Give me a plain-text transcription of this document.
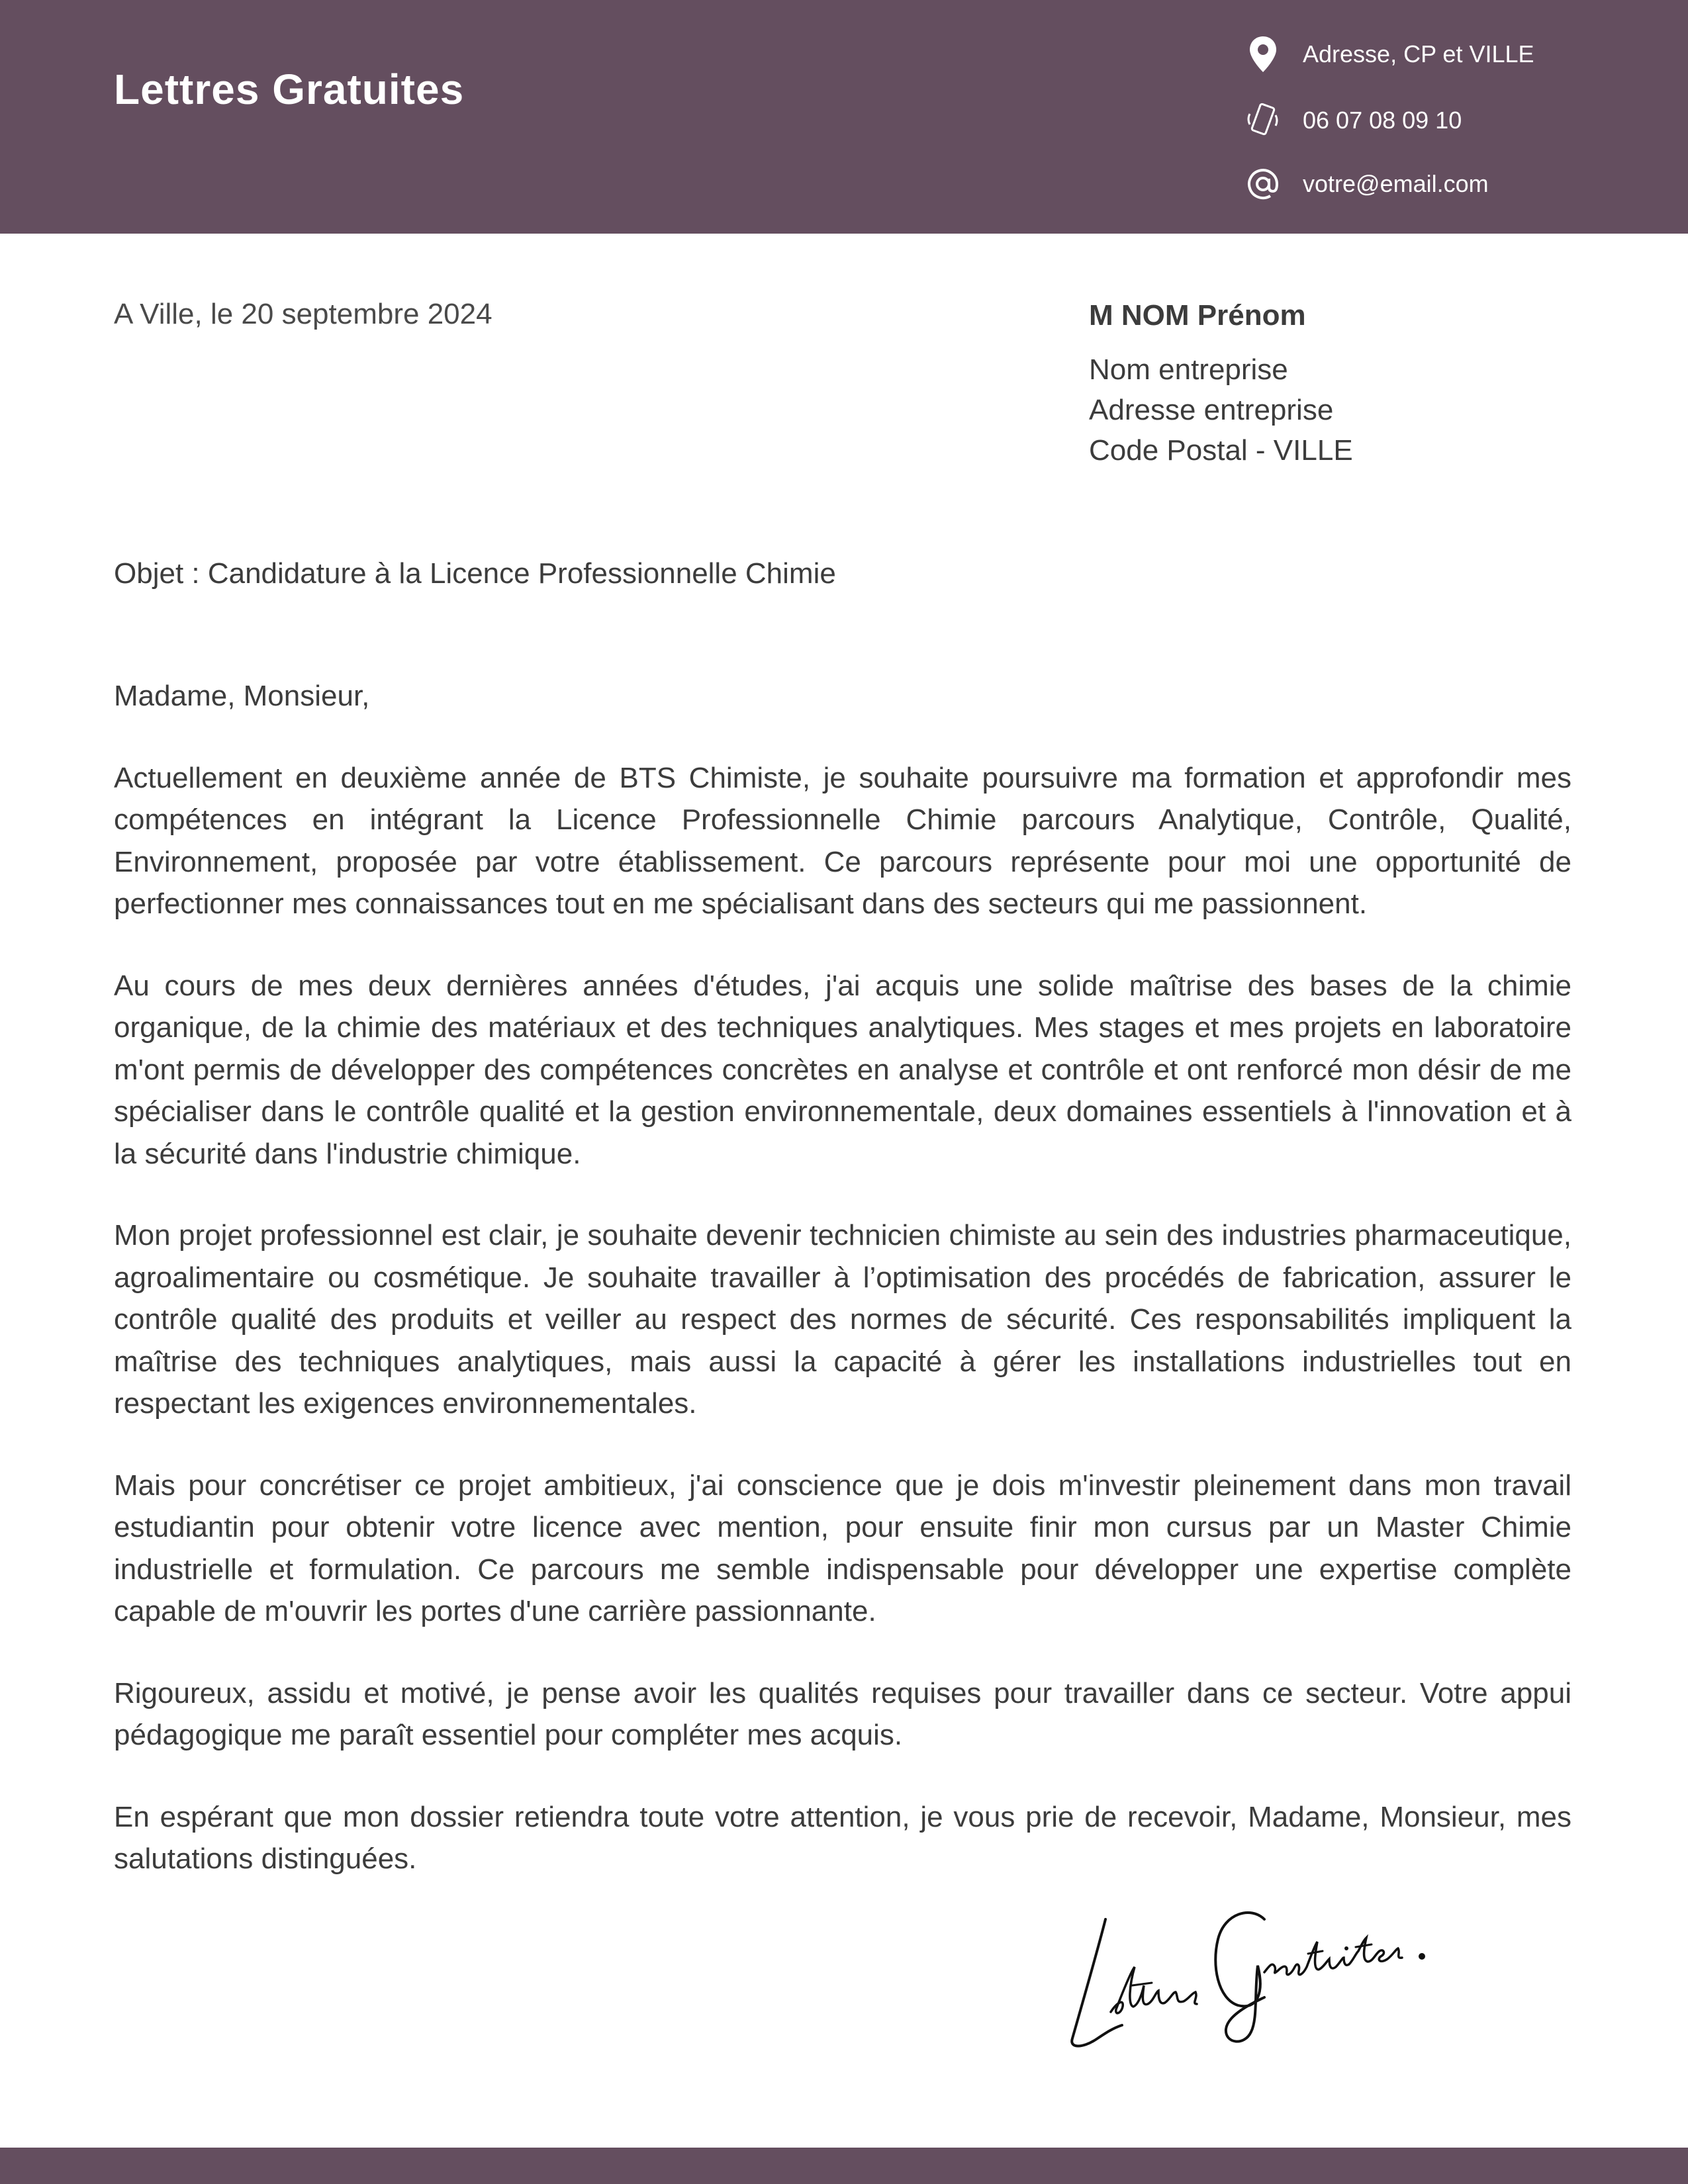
Lettres Gratuites
Adresse, CP et VILLE
06 07 08 09 10
votre@email.com
A Ville, le 20 septembre 2024	M NOM Prénom
Nom entreprise
Adresse entreprise
Code Postal - VILLE
Objet : Candidature à la Licence Professionnelle Chimie

Madame, Monsieur,

Actuellement en deuxième année de BTS Chimiste, je souhaite poursuivre ma formation et approfondir mes compétences en intégrant la Licence Professionnelle Chimie parcours Analytique, Contrôle, Qualité, Environnement, proposée par votre établissement. Ce parcours représente pour moi une opportunité de perfectionner mes connaissances tout en me spécialisant dans des secteurs qui me passionnent.

Au cours de mes deux dernières années d'études, j'ai acquis une solide maîtrise des bases de la chimie organique, de la chimie des matériaux et des techniques analytiques. Mes stages et mes projets en laboratoire m'ont permis de développer des compétences concrètes en analyse et contrôle et ont renforcé mon désir de me spécialiser dans le contrôle qualité et la gestion environnementale, deux domaines essentiels à l'innovation et à la sécurité dans l'industrie chimique.

Mon projet professionnel est clair, je souhaite devenir technicien chimiste au sein des industries pharmaceutique, agroalimentaire ou cosmétique. Je souhaite travailler à l’optimisation des procédés de fabrication, assurer le contrôle qualité des produits et veiller au respect des normes de sécurité. Ces responsabilités impliquent la maîtrise des techniques analytiques, mais aussi la capacité à gérer les installations industrielles tout en respectant les exigences environnementales.

Mais pour concrétiser ce projet ambitieux, j'ai conscience que je dois m'investir pleinement dans mon travail estudiantin pour obtenir votre licence avec mention, pour ensuite finir mon cursus par un Master Chimie industrielle et formulation. Ce parcours me semble indispensable pour développer une expertise complète capable de m'ouvrir les portes d'une carrière passionnante.

Rigoureux, assidu et motivé, je pense avoir les qualités requises pour travailler dans ce secteur. Votre appui pédagogique me paraît essentiel pour compléter mes acquis.

En espérant que mon dossier retiendra toute votre attention, je vous prie de recevoir, Madame, Monsieur, mes salutations distinguées.
